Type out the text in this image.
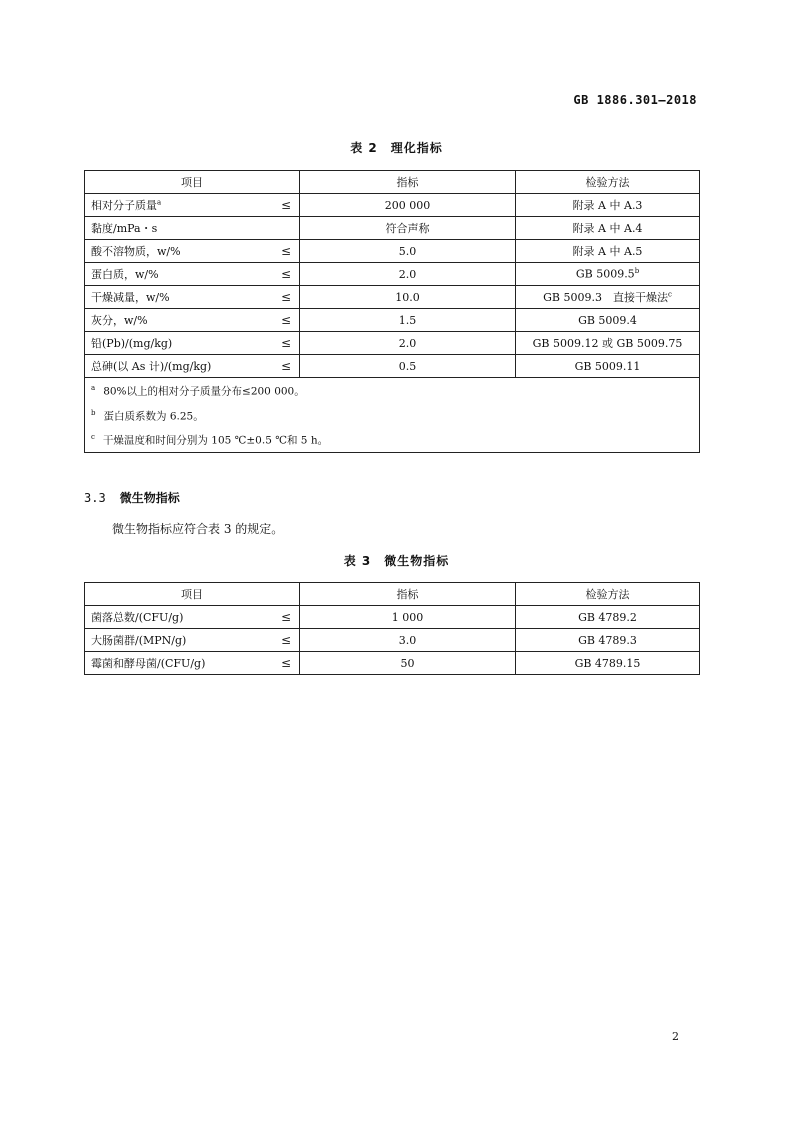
GB 1886.301—2018
表 2　理化指标
项目	指标	检验方法

相对分子质量$^a$ ≤	200 000	附录 A 中 A.3

黏度/mPa・s	符合声称	附录 A 中 A.4

酸不溶物质，w/% ≤	5.0	附录 A 中 A.5

蛋白质，w/% ≤	2.0	GB 5009.5$^b$

干燥减量，w/% ≤	10.0	GB 5009.3　直接干燥法$^c$

灰分，w/% ≤	1.5	GB 5009.4

铅(Pb)/(mg/kg) ≤	2.0	GB 5009.12 或 GB 5009.75

总砷(以 As 计)/(mg/kg) ≤	0.5	GB 5009.11

$^a$ 80%以上的相对分子质量分布≤200 000。
$^b$ 蛋白质系数为 6.25。
$^c$ 干燥温度和时间分别为 105 ℃±0.5 ℃和 5 h。		
3.3 微生物指标
微生物指标应符合表 3 的规定。
表 3　微生物指标
项目	指标	检验方法

菌落总数/(CFU/g) ≤	1 000	GB 4789.2

大肠菌群/(MPN/g) ≤	3.0	GB 4789.3

霉菌和酵母菌/(CFU/g) ≤	50	GB 4789.15
2
